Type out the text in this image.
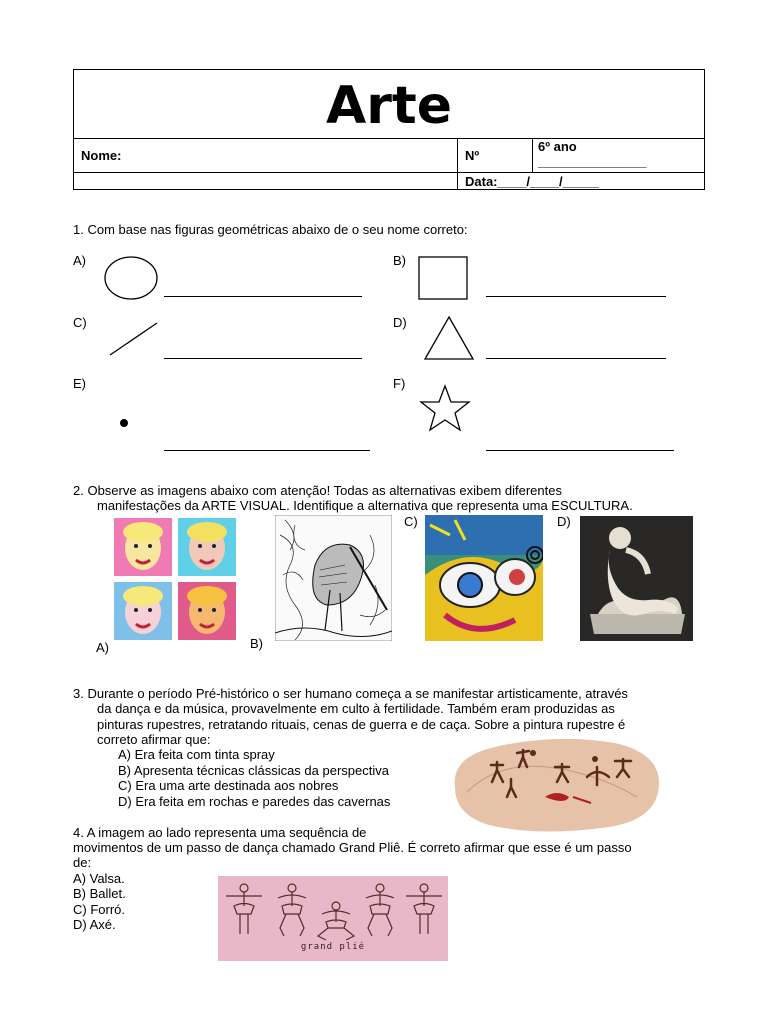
Arte
Nome:	Nº
6º ano
_______________
Data:____/____/_____
1. Com base nas figuras geométricas abaixo de o seu nome correto:
A)	B)
C)	D)
E)	F)
2. Observe as imagens abaixo com atenção! Todas as alternativas exibem diferentes
manifestações da ARTE VISUAL. Identifique a alternativa que representa uma ESCULTURA.
A)	B)
C)	D)
3. Durante o período Pré-histórico o ser humano começa a se manifestar artisticamente, através
da dança e da música, provavelmente em culto à fertilidade. Também eram produzidas as
pinturas rupestres, retratando rituais, cenas de guerra e de caça. Sobre a pintura rupestre é
correto afirmar que:
A) Era feita com tinta spray
B) Apresenta técnicas clássicas da perspectiva
C) Era uma arte destinada aos nobres
D) Era feita em rochas e paredes das cavernas
4. A imagem ao lado representa uma sequência de
movimentos de um passo de dança chamado Grand Pliê. É correto afirmar que esse é um passo
de:
A) Valsa.
B) Ballet.
C) Forró.
D) Axé.
grand plié
